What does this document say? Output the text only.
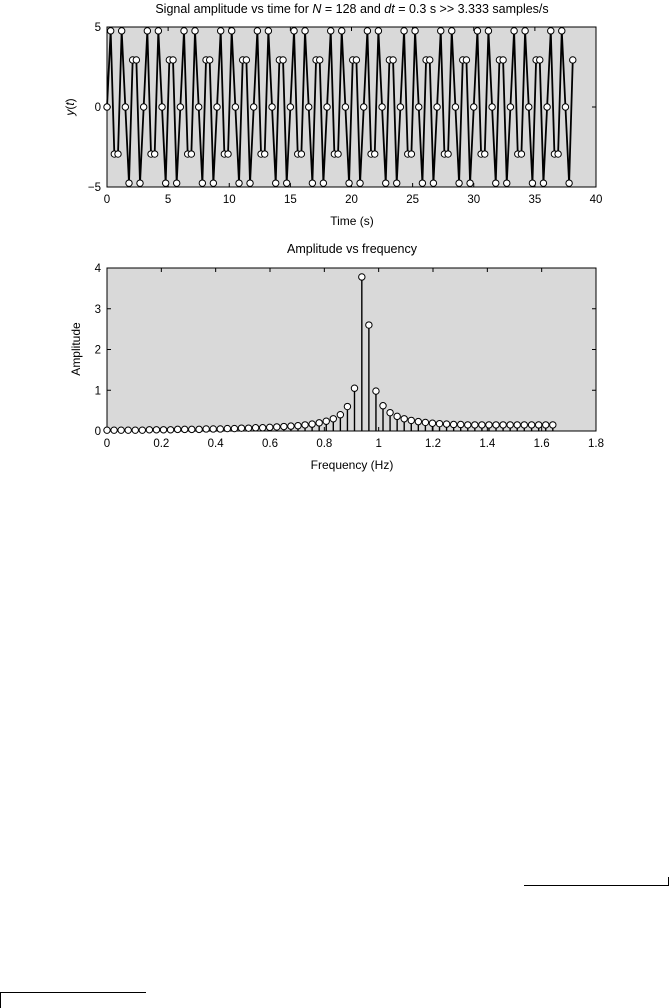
Signal amplitude vs time for N = 128 and dt = 0.3 s >> 3.333 samples/s
0	5	10	15	20	25	30	35	40
−5
0
5
Time (s)
y(t)
Amplitude vs frequency
0	0.2	0.4	0.6	0.8	1	1.2	1.4	1.6	1.8
0
1
2
3
4
Frequency (Hz)
Amplitude
